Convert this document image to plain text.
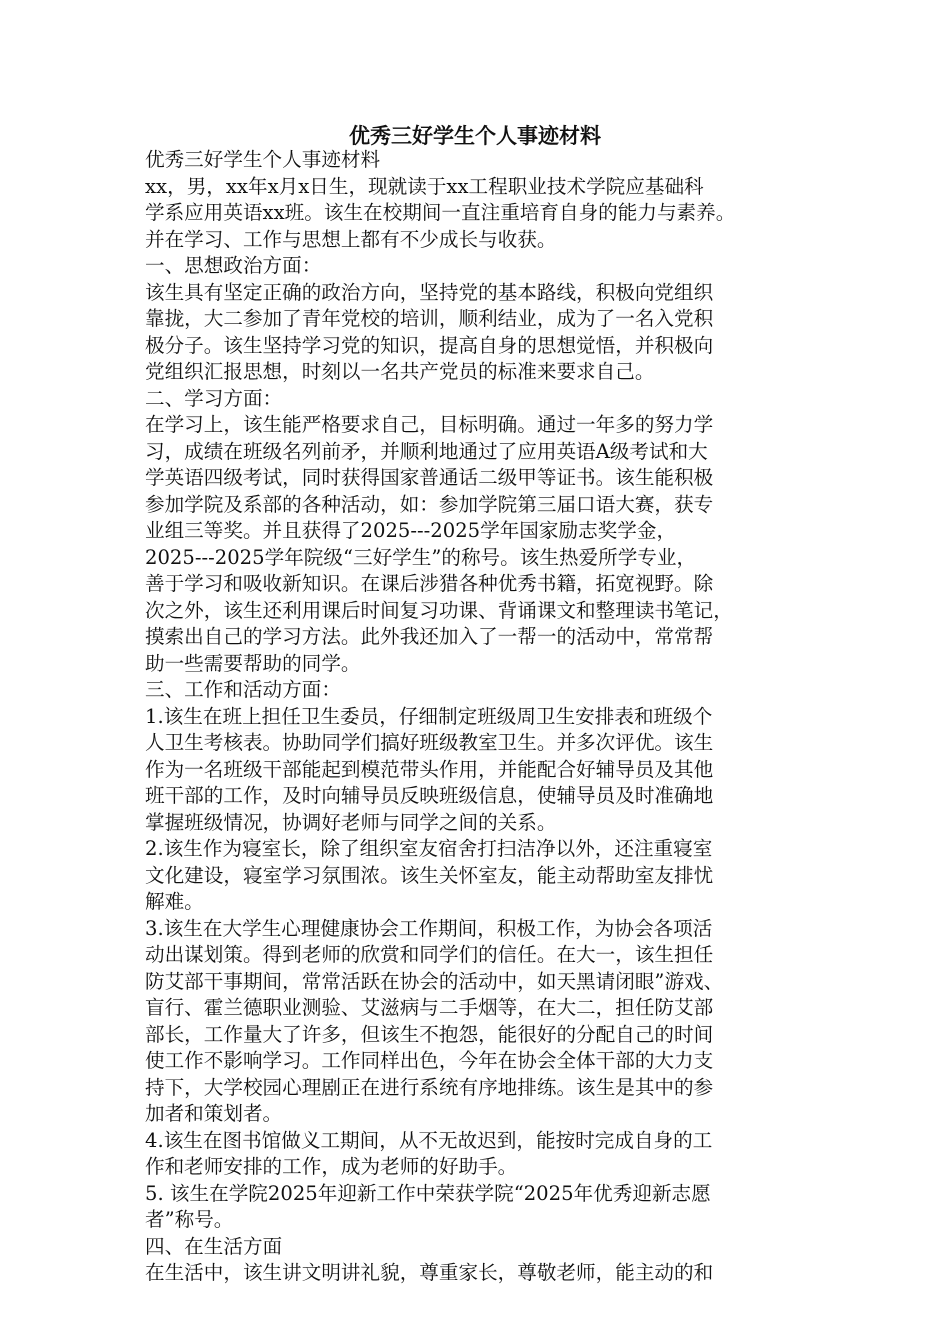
优秀三好学生个人事迹材料
优秀三好学生个人事迹材料
xx，男，xx年x月x日生，现就读于xx工程职业技术学院应基础科
学系应用英语xx班。该生在校期间一直注重培育自身的能力与素养。
并在学习、工作与思想上都有不少成长与收获。
一、思想政治方面：
该生具有坚定正确的政治方向，坚持党的基本路线，积极向党组织
靠拢，大二参加了青年党校的培训，顺利结业，成为了一名入党积
极分子。该生坚持学习党的知识，提高自身的思想觉悟，并积极向
党组织汇报思想，时刻以一名共产党员的标准来要求自己。
二、学习方面：
在学习上，该生能严格要求自己，目标明确。通过一年多的努力学
习，成绩在班级名列前矛，并顺利地通过了应用英语A级考试和大
学英语四级考试，同时获得国家普通话二级甲等证书。该生能积极
参加学院及系部的各种活动，如：参加学院第三届口语大赛，获专
业组三等奖。并且获得了2025---2025学年国家励志奖学金，
2025---2025学年院级“三好学生”的称号。该生热爱所学专业，
善于学习和吸收新知识。在课后涉猎各种优秀书籍，拓宽视野。除
次之外，该生还利用课后时间复习功课、背诵课文和整理读书笔记，
摸索出自己的学习方法。此外我还加入了一帮一的活动中，常常帮
助一些需要帮助的同学。
三、工作和活动方面：
1.该生在班上担任卫生委员，仔细制定班级周卫生安排表和班级个
人卫生考核表。协助同学们搞好班级教室卫生。并多次评优。该生
作为一名班级干部能起到模范带头作用，并能配合好辅导员及其他
班干部的工作，及时向辅导员反映班级信息，使辅导员及时准确地
掌握班级情况，协调好老师与同学之间的关系。
2.该生作为寝室长，除了组织室友宿舍打扫洁净以外，还注重寝室
文化建设，寝室学习氛围浓。该生关怀室友，能主动帮助室友排忧
解难。
3.该生在大学生心理健康协会工作期间，积极工作，为协会各项活
动出谋划策。得到老师的欣赏和同学们的信任。在大一，该生担任
防艾部干事期间，常常活跃在协会的活动中，如天黑请闭眼”游戏、
盲行、霍兰德职业测验、艾滋病与二手烟等，在大二，担任防艾部
部长，工作量大了许多，但该生不抱怨，能很好的分配自己的时间
使工作不影响学习。工作同样出色，今年在协会全体干部的大力支
持下，大学校园心理剧正在进行系统有序地排练。该生是其中的参
加者和策划者。
4.该生在图书馆做义工期间，从不无故迟到，能按时完成自身的工
作和老师安排的工作，成为老师的好助手。
5. 该生在学院2025年迎新工作中荣获学院“2025年优秀迎新志愿
者”称号。
四、在生活方面
在生活中，该生讲文明讲礼貌，尊重家长，尊敬老师，能主动的和
